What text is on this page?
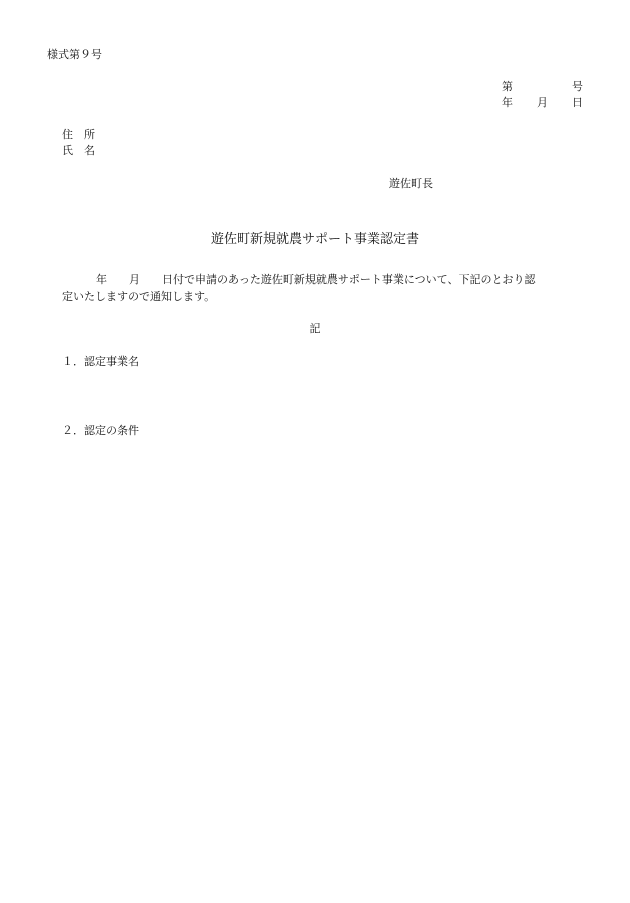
様式第９号
第	号
年 月 日
住　所
氏　名
遊佐町長
遊佐町新規就農サポート事業認定書
年　　月　　日付で申請のあった遊佐町新規就農サポート事業について、下記のとおり認
定いたしますので通知します。
記
１．認定事業名
２．認定の条件
